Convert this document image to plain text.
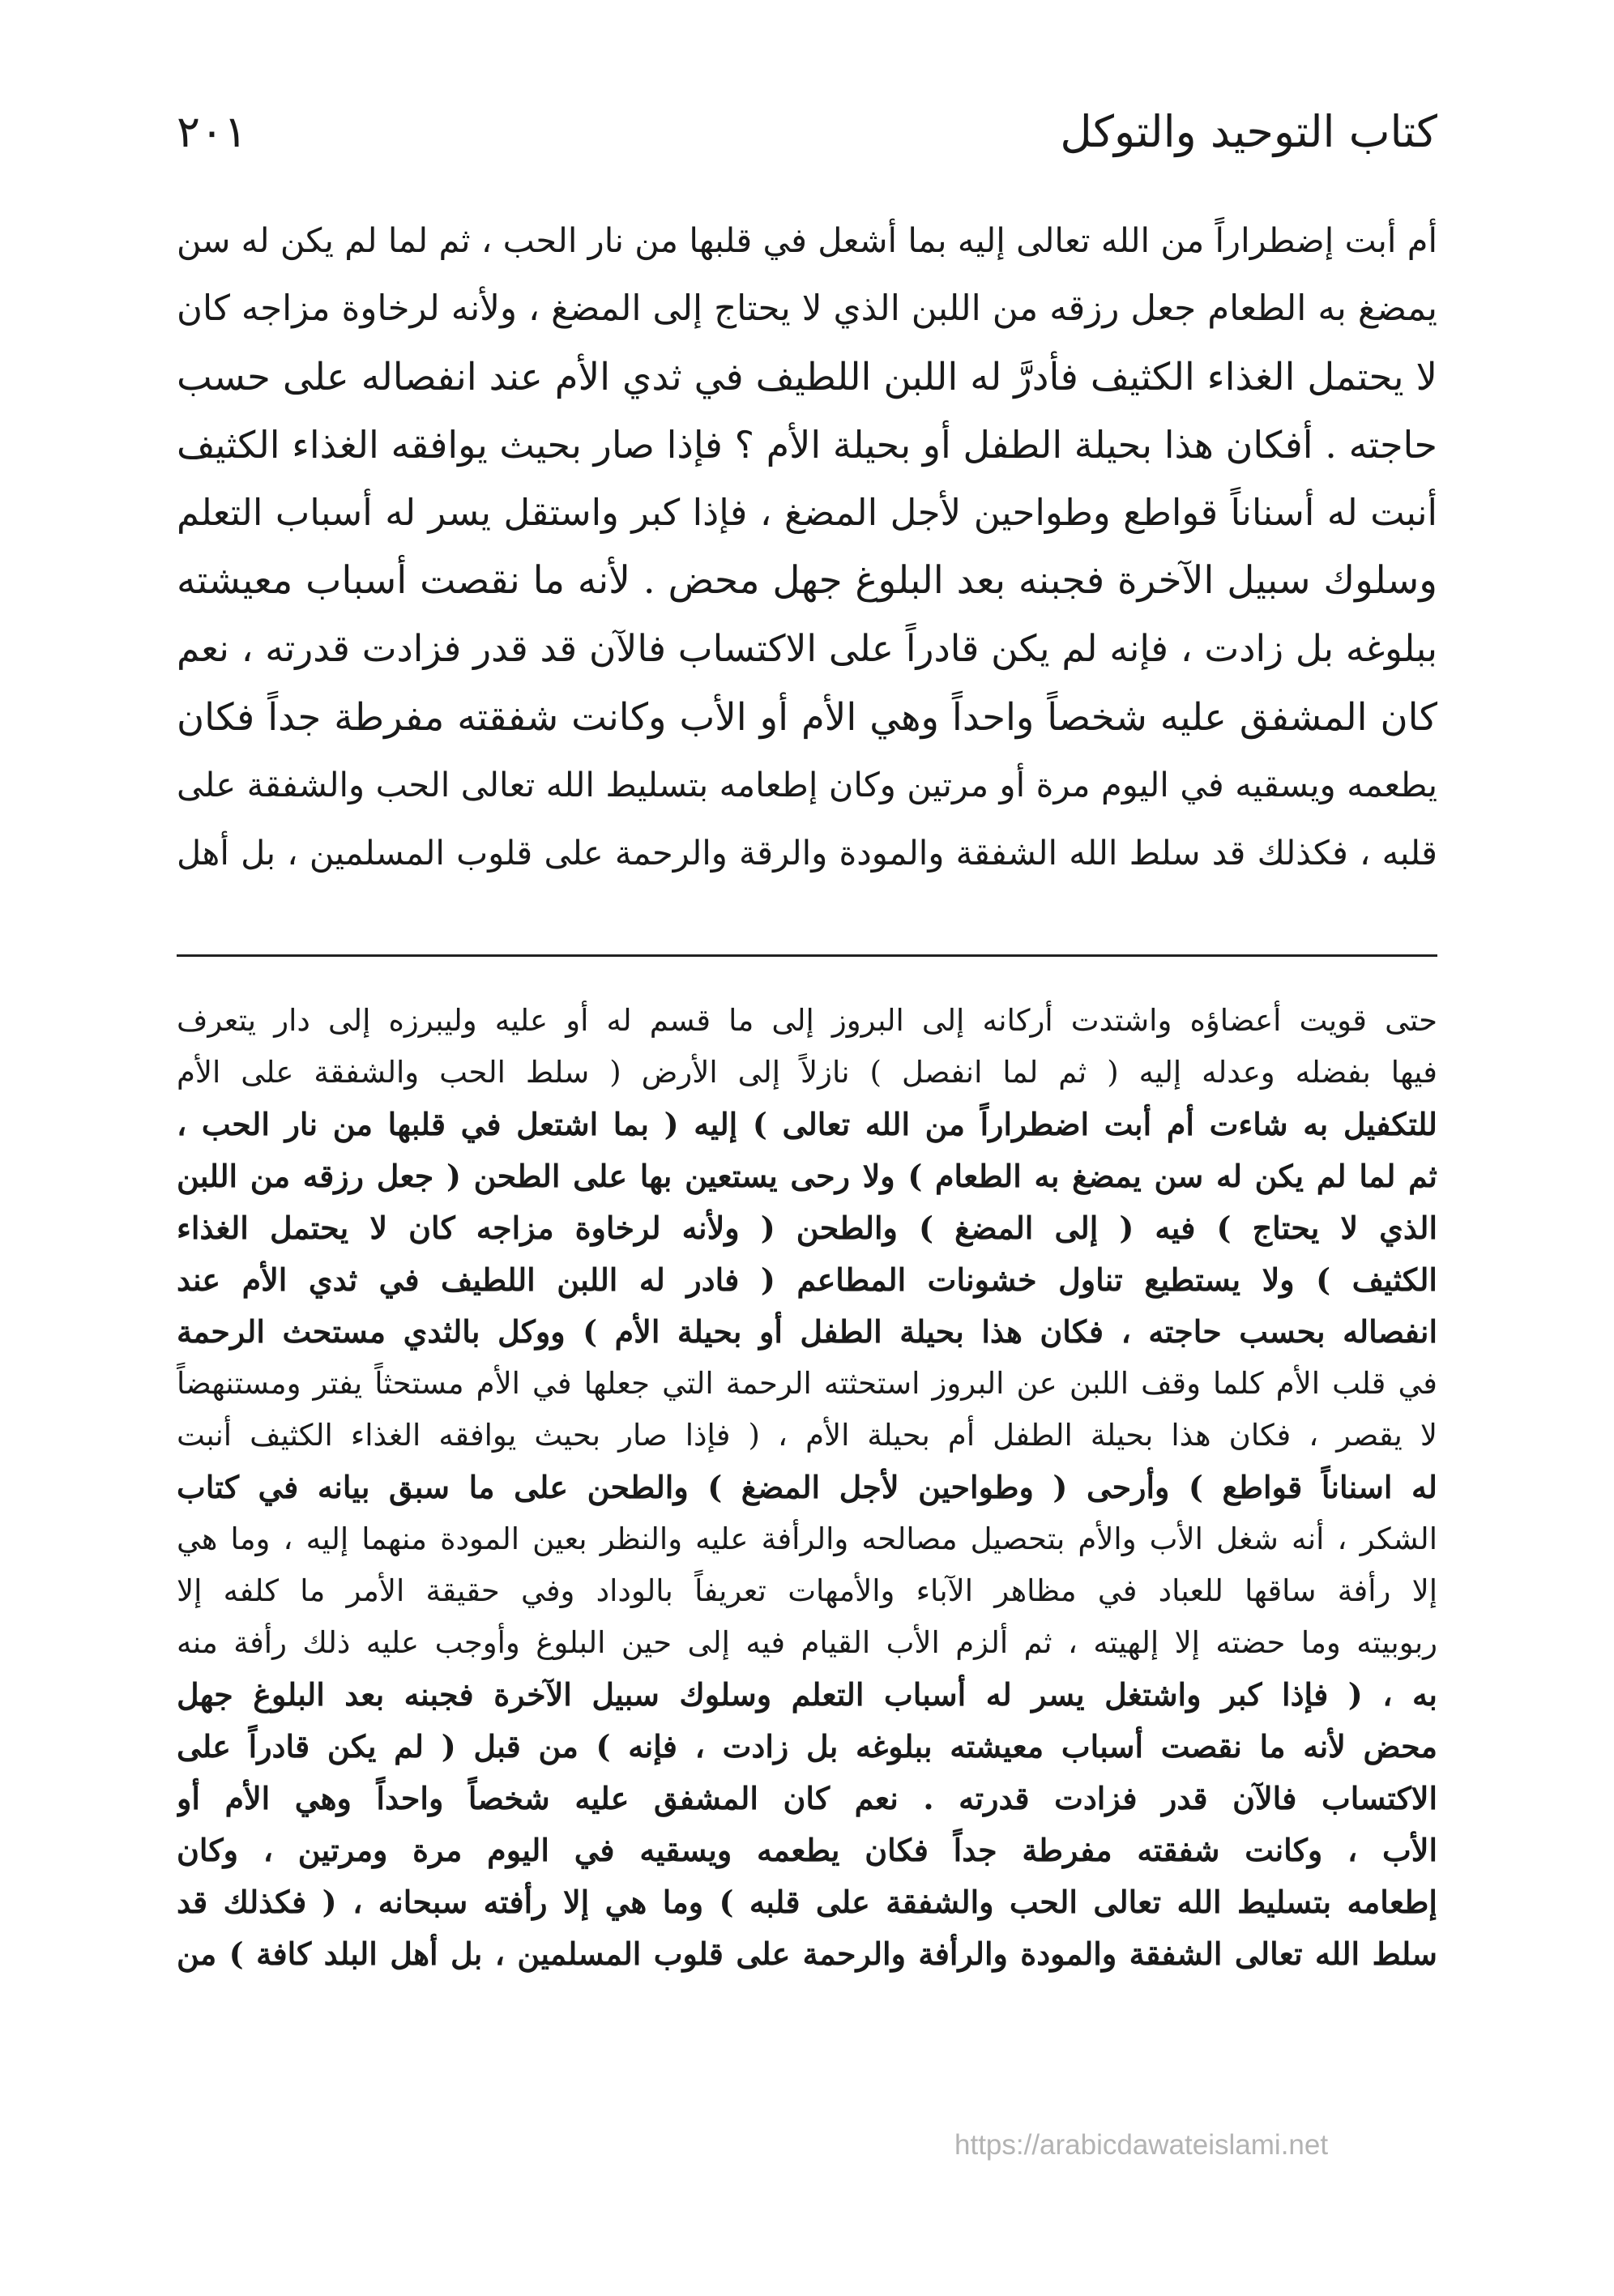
كتاب التوحيد والتوكل
٢٠١
أم أبت إضطراراً من الله تعالى إليه بما أشعل في قلبها من نار الحب ، ثم لما لم يكن له سن
يمضغ به الطعام جعل رزقه من اللبن الذي لا يحتاج إلى المضغ ، ولأنه لرخاوة مزاجه كان
لا يحتمل الغذاء الكثيف فأدرَّ له اللبن اللطيف في ثدي الأم عند انفصاله على حسب
حاجته . أفكان هذا بحيلة الطفل أو بحيلة الأم ؟ فإذا صار بحيث يوافقه الغذاء الكثيف
أنبت له أسناناً قواطع وطواحين لأجل المضغ ، فإذا كبر واستقل يسر له أسباب التعلم
وسلوك سبيل الآخرة فجبنه بعد البلوغ جهل محض . لأنه ما نقصت أسباب معيشته
ببلوغه بل زادت ، فإنه لم يكن قادراً على الاكتساب فالآن قد قدر فزادت قدرته ، نعم
كان المشفق عليه شخصاً واحداً وهي الأم أو الأب وكانت شفقته مفرطة جداً فكان
يطعمه ويسقيه في اليوم مرة أو مرتين وكان إطعامه بتسليط الله تعالى الحب والشفقة على
قلبه ، فكذلك قد سلط الله الشفقة والمودة والرقة والرحمة على قلوب المسلمين ، بل أهل
حتى قويت أعضاؤه واشتدت أركانه إلى البروز إلى ما قسم له أو عليه وليبرزه إلى دار يتعرف
فيها بفضله وعدله إليه ( ثم لما انفصل ) نازلاً إلى الأرض ( سلط الحب والشفقة على الأم
للتكفيل به شاءت أم أبت اضطراراً من الله تعالى ) إليه ( بما اشتعل في قلبها من نار الحب ،
ثم لما لم يكن له سن يمضغ به الطعام ) ولا رحى يستعين بها على الطحن ( جعل رزقه من اللبن
الذي لا يحتاج ) فيه ( إلى المضغ ) والطحن ( ولأنه لرخاوة مزاجه كان لا يحتمل الغذاء
الكثيف ) ولا يستطيع تناول خشونات المطاعم ( فادر له اللبن اللطيف في ثدي الأم عند
انفصاله بحسب حاجته ، فكان هذا بحيلة الطفل أو بحيلة الأم ) ووكل بالثدي مستحث الرحمة
في قلب الأم كلما وقف اللبن عن البروز استحثته الرحمة التي جعلها في الأم مستحثاً يفتر ومستنهضاً
لا يقصر ، فكان هذا بحيلة الطفل أم بحيلة الأم ، ( فإذا صار بحيث يوافقه الغذاء الكثيف أنبت
له اسناناً قواطع ) وأرحى ( وطواحين لأجل المضغ ) والطحن على ما سبق بيانه في كتاب
الشكر ، أنه شغل الأب والأم بتحصيل مصالحه والرأفة عليه والنظر بعين المودة منهما إليه ، وما هي
إلا رأفة ساقها للعباد في مظاهر الآباء والأمهات تعريفاً بالوداد وفي حقيقة الأمر ما كلفه إلا
ربوبيته وما حضته إلا إلهيته ، ثم ألزم الأب القيام فيه إلى حين البلوغ وأوجب عليه ذلك رأفة منه
به ، ( فإذا كبر واشتغل يسر له أسباب التعلم وسلوك سبيل الآخرة فجبنه بعد البلوغ جهل
محض لأنه ما نقصت أسباب معيشته ببلوغه بل زادت ، فإنه ) من قبل ( لم يكن قادراً على
الاكتساب فالآن قدر فزادت قدرته . نعم كان المشفق عليه شخصاً واحداً وهي الأم أو
الأب ، وكانت شفقته مفرطة جداً فكان يطعمه ويسقيه في اليوم مرة ومرتين ، وكان
إطعامه بتسليط الله تعالى الحب والشفقة على قلبه ) وما هي إلا رأفته سبحانه ، ( فكذلك قد
سلط الله تعالى الشفقة والمودة والرأفة والرحمة على قلوب المسلمين ، بل أهل البلد كافة ) من
https://arabicdawateislami.net
